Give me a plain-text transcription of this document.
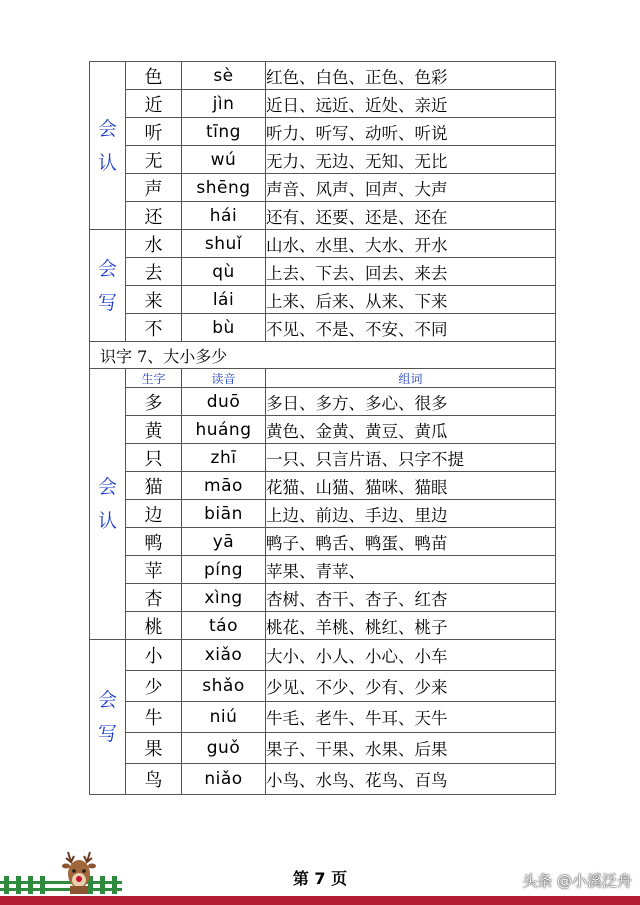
会
认	色	sè	红色、白色、正色、色彩
	近	jìn	近日、远近、近处、亲近
	听	tīng	听力、听写、动听、听说
	无	wú	无力、无边、无知、无比
	声	shēng	声音、风声、回声、大声
	还	hái	还有、还要、还是、还在

会
写	水	shuǐ	山水、水里、大水、开水
	去	qù	上去、下去、回去、来去
	来	lái	上来、后来、从来、下来
	不	bù	不见、不是、不安、不同
识字 7、大小多少			

会
认	生字	读音	组词
	多	duō	多日、多方、多心、很多
	黄	huáng	黄色、金黄、黄豆、黄瓜
	只	zhī	一只、只言片语、只字不提
	猫	māo	花猫、山猫、猫咪、猫眼
	边	biān	上边、前边、手边、里边
	鸭	yā	鸭子、鸭舌、鸭蛋、鸭苗
	苹	píng	苹果、青苹、
	杏	xìng	杏树、杏干、杏子、红杏
	桃	táo	桃花、羊桃、桃红、桃子

会
写	小	xiǎo	大小、小人、小心、小车
	少	shǎo	少见、不少、少有、少来
	牛	niú	牛毛、老牛、牛耳、天牛
	果	guǒ	果子、干果、水果、后果
	鸟	niǎo	小鸟、水鸟、花鸟、百鸟
第 7 页	头条 @小溪泛舟
